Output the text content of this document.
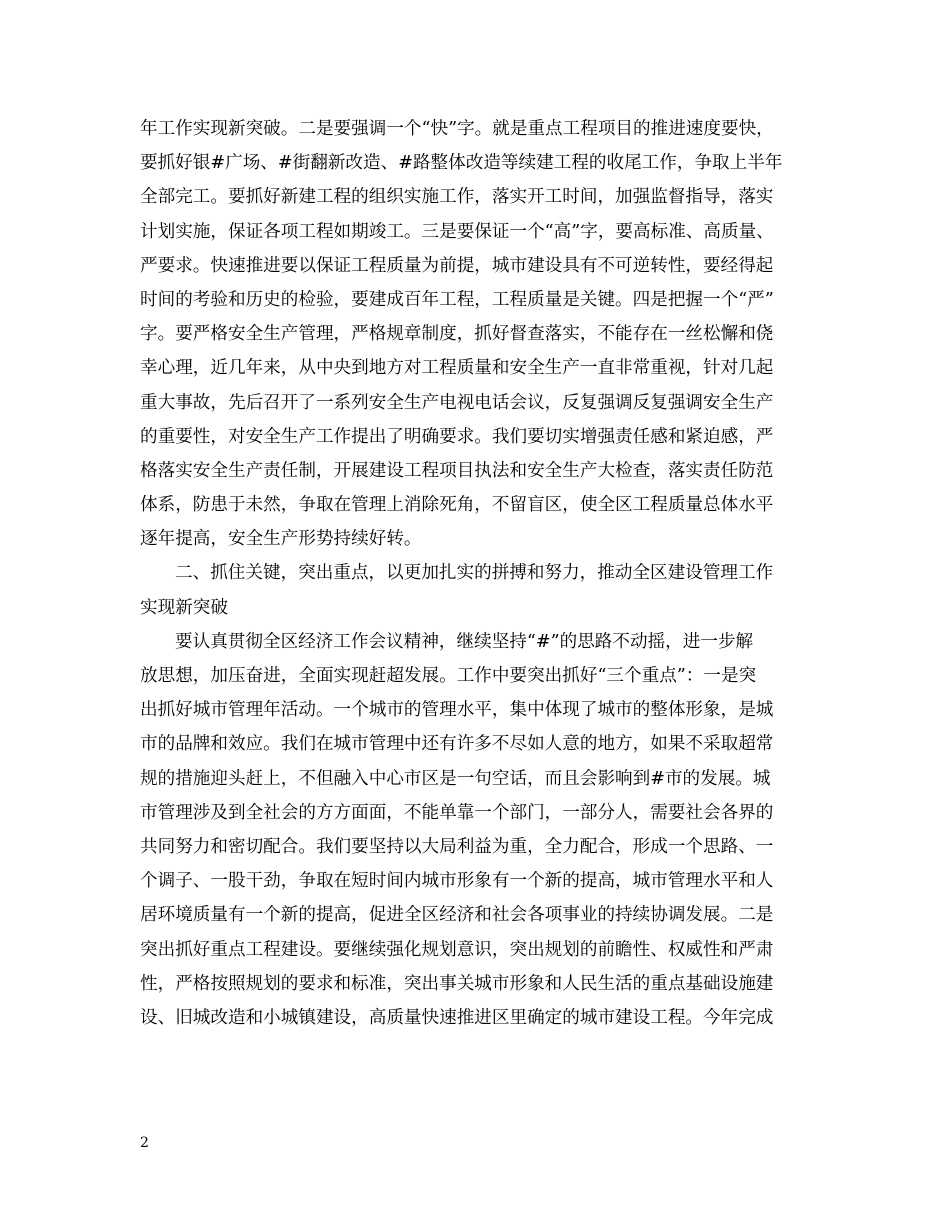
年工作实现新突破。二是要强调一个“快”字。就是重点工程项目的推进速度要快，
要抓好银#广场、#街翻新改造、#路整体改造等续建工程的收尾工作，争取上半年
全部完工。要抓好新建工程的组织实施工作，落实开工时间，加强监督指导，落实
计划实施，保证各项工程如期竣工。三是要保证一个“高”字，要高标准、高质量、
严要求。快速推进要以保证工程质量为前提，城市建设具有不可逆转性，要经得起
时间的考验和历史的检验，要建成百年工程，工程质量是关键。四是把握一个“严”
字。要严格安全生产管理，严格规章制度，抓好督查落实，不能存在一丝松懈和侥
幸心理，近几年来，从中央到地方对工程质量和安全生产一直非常重视，针对几起
重大事故，先后召开了一系列安全生产电视电话会议，反复强调反复强调安全生产
的重要性，对安全生产工作提出了明确要求。我们要切实增强责任感和紧迫感，严
格落实安全生产责任制，开展建设工程项目执法和安全生产大检查，落实责任防范
体系，防患于未然，争取在管理上消除死角，不留盲区，使全区工程质量总体水平
逐年提高，安全生产形势持续好转。
二、抓住关键，突出重点，以更加扎实的拼搏和努力，推动全区建设管理工作
实现新突破
要认真贯彻全区经济工作会议精神，继续坚持“#”的思路不动摇，进一步解
放思想，加压奋进，全面实现赶超发展。工作中要突出抓好“三个重点”：一是突
出抓好城市管理年活动。一个城市的管理水平，集中体现了城市的整体形象，是城
市的品牌和效应。我们在城市管理中还有许多不尽如人意的地方，如果不采取超常
规的措施迎头赶上，不但融入中心市区是一句空话，而且会影响到#市的发展。城
市管理涉及到全社会的方方面面，不能单靠一个部门，一部分人，需要社会各界的
共同努力和密切配合。我们要坚持以大局利益为重，全力配合，形成一个思路、一
个调子、一股干劲，争取在短时间内城市形象有一个新的提高，城市管理水平和人
居环境质量有一个新的提高，促进全区经济和社会各项事业的持续协调发展。二是
突出抓好重点工程建设。要继续强化规划意识，突出规划的前瞻性、权威性和严肃
性，严格按照规划的要求和标准，突出事关城市形象和人民生活的重点基础设施建
设、旧城改造和小城镇建设，高质量快速推进区里确定的城市建设工程。今年完成
2
